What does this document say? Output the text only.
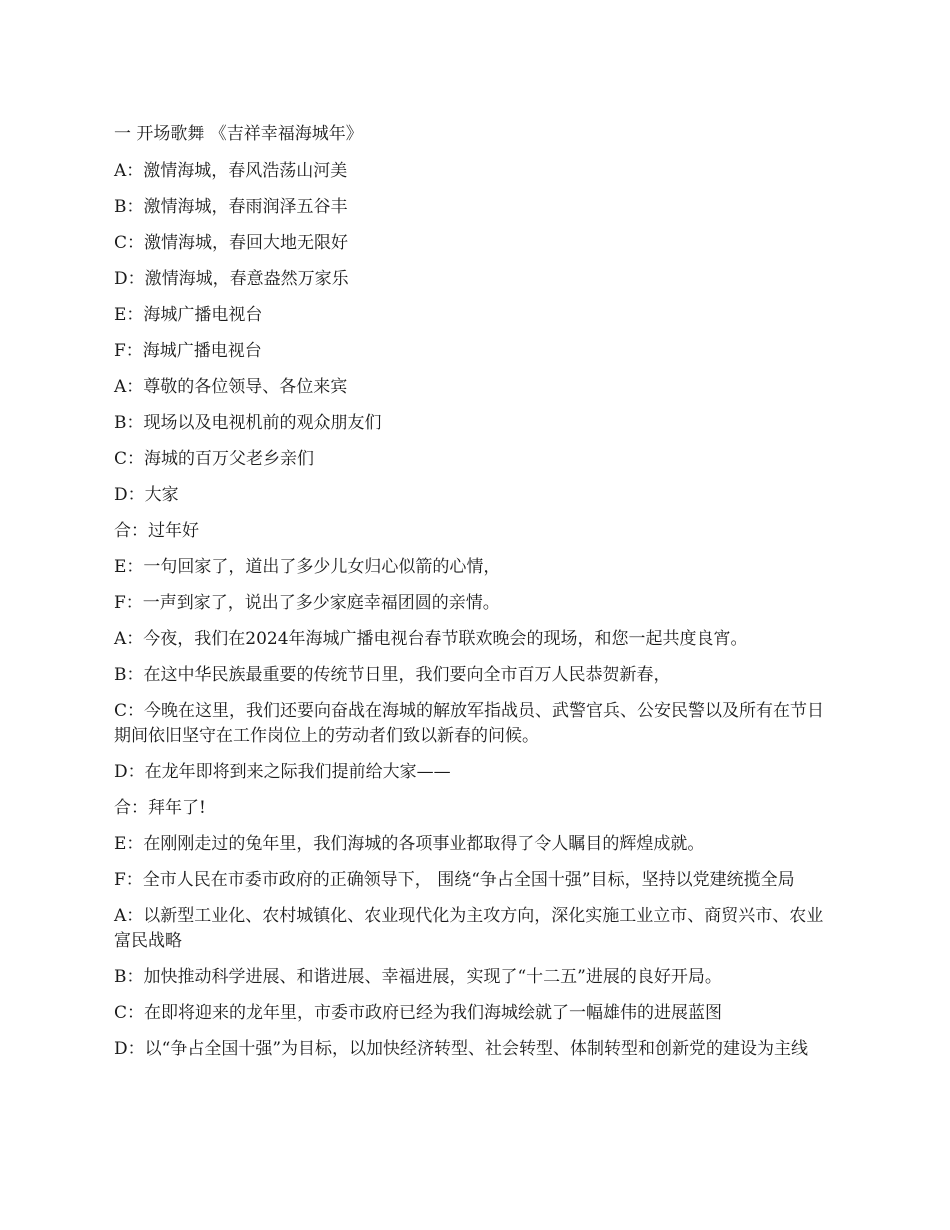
一 开场歌舞 《吉祥幸福海城年》

A：激情海城，春风浩荡山河美

B：激情海城，春雨润泽五谷丰

C：激情海城，春回大地无限好

D：激情海城，春意盎然万家乐

E：海城广播电视台

F：海城广播电视台

A：尊敬的各位领导、各位来宾

B：现场以及电视机前的观众朋友们

C：海城的百万父老乡亲们

D：大家

合：过年好

E：一句回家了，道出了多少儿女归心似箭的心情，

F：一声到家了，说出了多少家庭幸福团圆的亲情。

A：今夜，我们在2024年海城广播电视台春节联欢晚会的现场，和您一起共度良宵。

B：在这中华民族最重要的传统节日里，我们要向全市百万人民恭贺新春，

C：今晚在这里，我们还要向奋战在海城的解放军指战员、武警官兵、公安民警以及所有在节日期间依旧坚守在工作岗位上的劳动者们致以新春的问候。

D：在龙年即将到来之际我们提前给大家——

合：拜年了!

E：在刚刚走过的兔年里，我们海城的各项事业都取得了令人瞩目的辉煌成就。

F：全市人民在市委市政府的正确领导下， 围绕“争占全国十强”目标，坚持以党建统揽全局

A：以新型工业化、农村城镇化、农业现代化为主攻方向，深化实施工业立市、商贸兴市、农业富民战略

B：加快推动科学进展、和谐进展、幸福进展，实现了“十二五”进展的良好开局。

C：在即将迎来的龙年里，市委市政府已经为我们海城绘就了一幅雄伟的进展蓝图

D：以“争占全国十强”为目标，以加快经济转型、社会转型、体制转型和创新党的建设为主线
